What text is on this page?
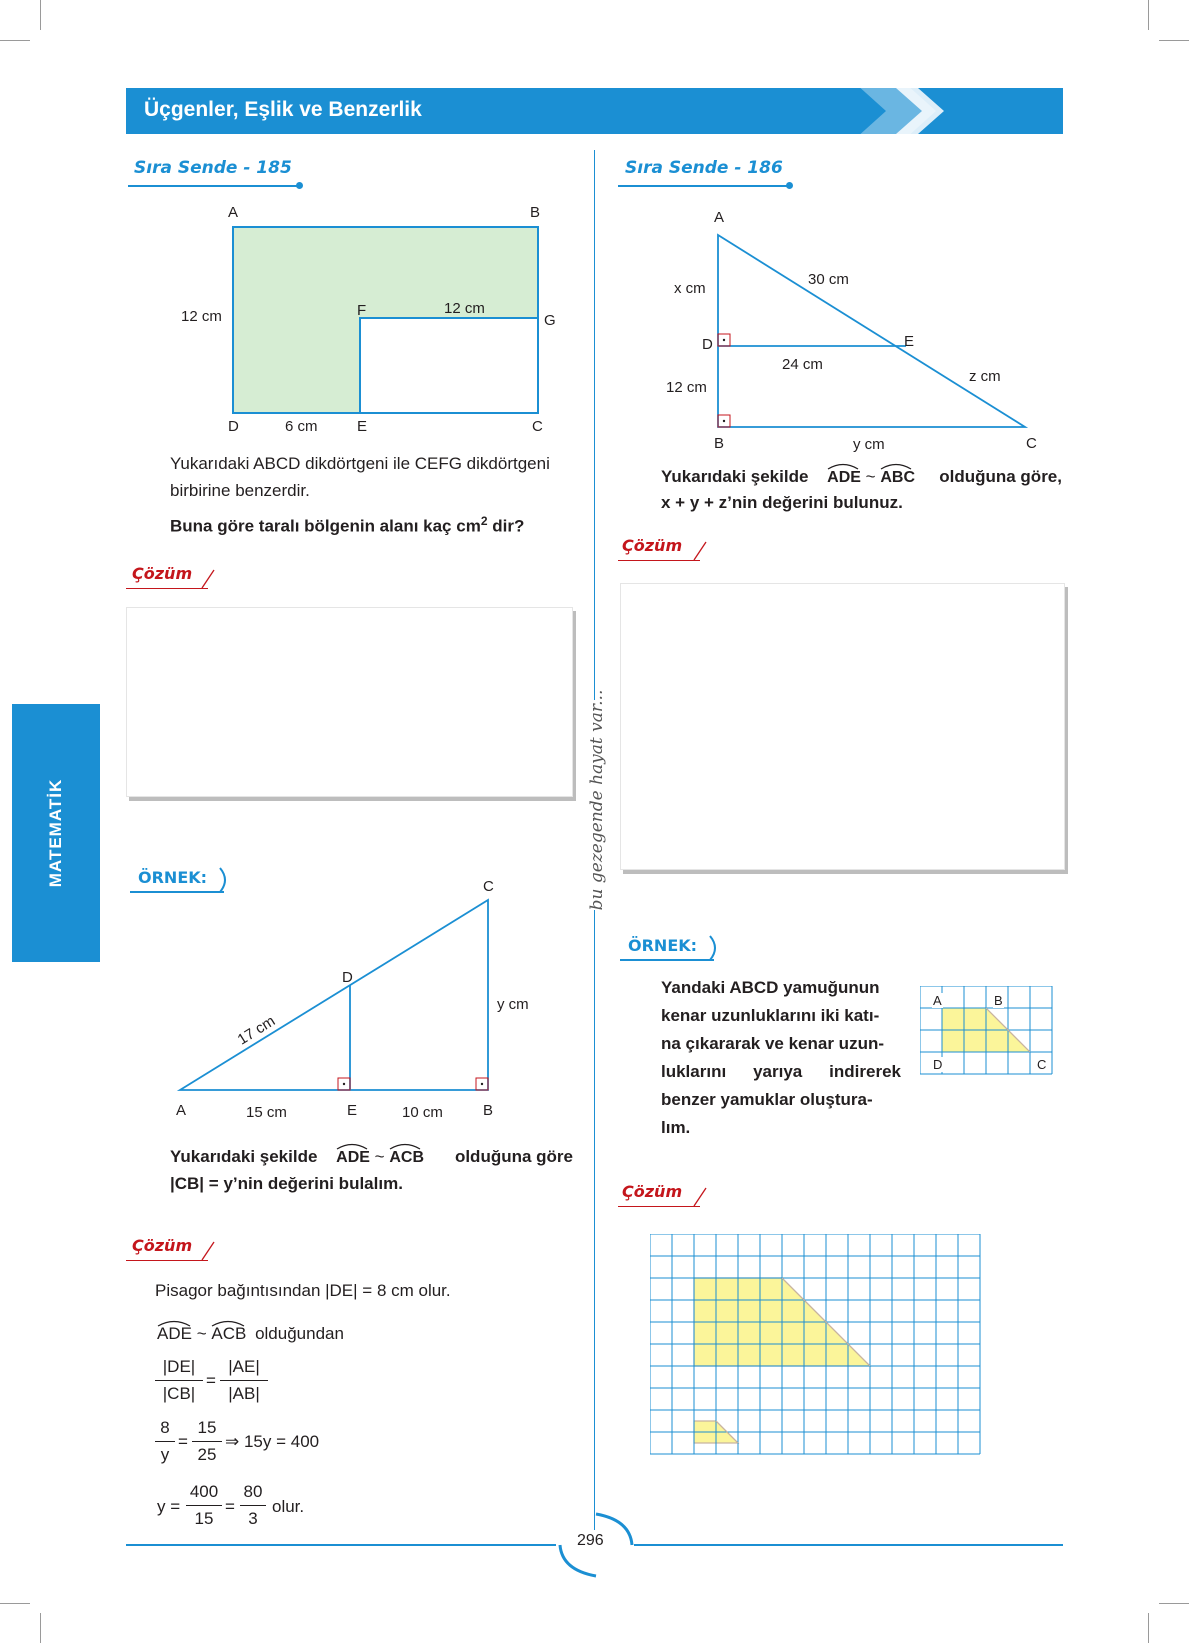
Üçgenler, Eşlik ve Benzerlik
MATEMATİK	bu gezegende hayat var...
Sıra Sende - 185
A	B
12 cm	F	12 cm
G
D	6 cm	E	C
Yukarıdaki ABCD dikdörtgeni ile CEFG dikdörtgeni
birbirine benzerdir.
Buna göre taralı bölgenin alanı kaç $cm^2$ dir?
Çözüm
ÖRNEK:	C
D
y cm
17 cm
A	15 cm	E	10 cm	B
Yukarıdaki şekilde ADE ~ ACB olduğuna göre
|CB| = y’nin değerini bulalım.
Çözüm
Pisagor bağıntısından |DE| = 8 cm olur.
ADE ~ ACB olduğundan
|DE|
|CB|
=
|AE|
|AB|
8
y
=
15
25
⇒ 15y = 400
y =
400
15
=
80
3
olur.
Sıra Sende - 186
A
30 cm
x cm
D	E
24 cm
z cm
12 cm
B	y cm	C
Yukarıdaki şekilde ADE ~ ABC olduğuna göre,
x + y + z’nin değerini bulunuz.
Çözüm
ÖRNEK:
Yandaki ABCD yamuğunun
kenar uzunluklarını iki katı-
na çıkararak ve kenar uzun-
luklarını yarıya indirerek
benzer yamuklar oluştura-
lım.
A	B
D	C
Çözüm
296
